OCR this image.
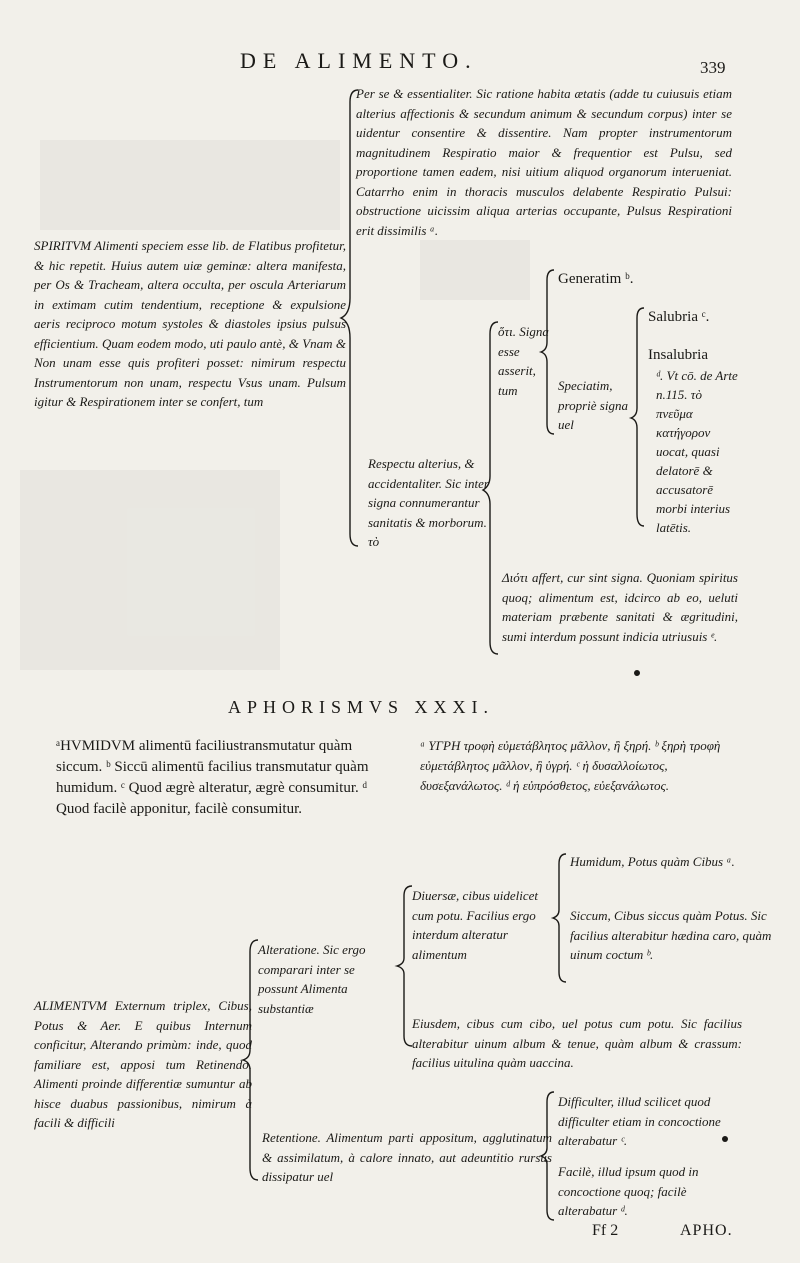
DE ALIMENTO.	339
SPIRITVM Alimenti speciem esse lib. de Flatibus profitetur, & hic repetit. Huius autem uiæ geminæ: altera manifesta, per Os & Tracheam, altera occulta, per oscula Arteriarum in extimam cutim tendentium, receptione & expulsione aeris reciproco motum systoles & diastoles ipsius pulsus efficientium. Quam eodem modo, uti paulo antè, & Vnam & Non unam esse quis profiteri posset: nimirum respectu Instrumentorum non unam, respectu Vsus unam. Pulsum igitur & Respirationem inter se confert, tum
Per se & essentialiter. Sic ratione habita ætatis (adde tu cuiusuis etiam alterius affectionis & secundum animum & secundum corpus) inter se uidentur consentire & dissentire. Nam propter instrumentorum magnitudinem Respiratio maior & frequentior est Pulsu, sed proportione tamen eadem, nisi uitium aliquod organorum interueniat. Catarrho enim in thoracis musculos delabente Respiratio Pulsui: obstructione uicissim aliqua arterias occupante, Pulsus Respirationi erit dissimilis ᵃ.
Respectu alterius, & accidentaliter. Sic inter signa connumerantur sanitatis & morborum. τὸ
ὅτι. Signa esse asserit, tum
Generatim ᵇ.
Speciatim, propriè signa uel
Salubria ᶜ.
Insalubria
ᵈ. Vt cō. de Arte n.115. τὸ πνεῦμα κατήγορον uocat, quasi delatorē & accusatorē morbi interius latētis.
Διότι affert, cur sint signa. Quoniam spiritus quoq; alimentum est, idcirco ab eo, ueluti materiam præbente sanitati & ægritudini, sumi interdum possunt indicia utriusuis ᵉ.
APHORISMVS XXXI.
ᵃHVMIDVM alimentū faciliustransmutatur quàm siccum. ᵇ Siccū alimentū facilius transmutatur quàm humidum. ᶜ Quod ægrè alteratur, ægrè consumitur. ᵈ Quod facilè apponitur, facilè consumitur.
ᵃ ΥΓΡΗ τροφὴ εὐμετάβλητος μᾶλλον, ἢ ξηρή. ᵇ ξηρὴ τροφὴ εὐμετάβλητος μᾶλλον, ἢ ὑγρή. ᶜ ἡ δυσαλλοίωτος, δυσεξανάλωτος. ᵈ ἡ εὐπρόσθετος, εὐεξανάλωτος.
ALIMENTVM Externum triplex, Cibus, Potus & Aer. E quibus Internum conficitur, Alterando primùm: inde, quod familiare est, apposi tum Retinendo. Alimenti proinde differentiæ sumuntur ab hisce duabus passionibus, nimirum à facili & difficili
Alteratione. Sic ergo comparari inter se possunt Alimenta substantiæ
Diuersæ, cibus uidelicet cum potu. Facilius ergo interdum alteratur alimentum
Humidum, Potus quàm Cibus ᵃ.
Siccum, Cibus siccus quàm Potus. Sic facilius alterabitur hædina caro, quàm uinum coctum ᵇ.
Eiusdem, cibus cum cibo, uel potus cum potu. Sic facilius alterabitur uinum album & tenue, quàm album & crassum: facilius uitulina quàm uaccina.
Retentione. Alimentum parti appositum, agglutinatum & assimilatum, à calore innato, aut adeuntitio rursus dissipatur uel
Difficulter, illud scilicet quod difficulter etiam in concoctione alterabatur ᶜ.
Facilè, illud ipsum quod in concoctione quoq; facilè alterabatur ᵈ.
Ff 2	APHO.
